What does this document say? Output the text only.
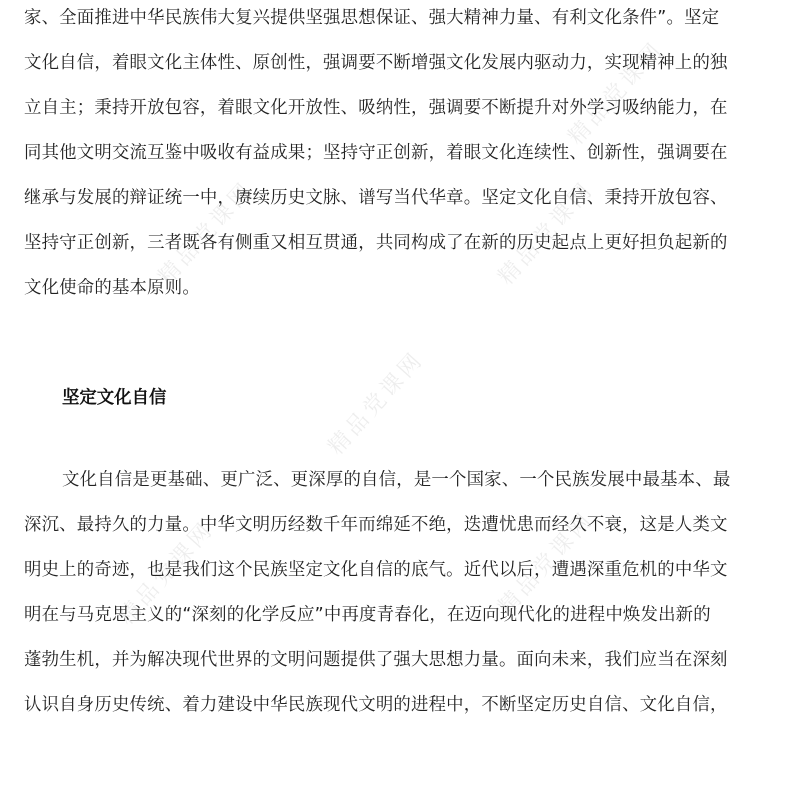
精品党课网	精品党课网
精品党课网
精品党课网	精品党课网
精品党课网
家、全面推进中华民族伟大复兴提供坚强思想保证、强大精神力量、有利文化条件”。坚定
文化自信，着眼文化主体性、原创性，强调要不断增强文化发展内驱动力，实现精神上的独
立自主；秉持开放包容，着眼文化开放性、吸纳性，强调要不断提升对外学习吸纳能力，在
同其他文明交流互鉴中吸收有益成果；坚持守正创新，着眼文化连续性、创新性，强调要在
继承与发展的辩证统一中，赓续历史文脉、谱写当代华章。坚定文化自信、秉持开放包容、
坚持守正创新，三者既各有侧重又相互贯通，共同构成了在新的历史起点上更好担负起新的
文化使命的基本原则。
坚定文化自信
文化自信是更基础、更广泛、更深厚的自信，是一个国家、一个民族发展中最基本、最
深沉、最持久的力量。中华文明历经数千年而绵延不绝，迭遭忧患而经久不衰，这是人类文
明史上的奇迹，也是我们这个民族坚定文化自信的底气。近代以后，遭遇深重危机的中华文
明在与马克思主义的“深刻的化学反应”中再度青春化，在迈向现代化的进程中焕发出新的
蓬勃生机，并为解决现代世界的文明问题提供了强大思想力量。面向未来，我们应当在深刻
认识自身历史传统、着力建设中华民族现代文明的进程中，不断坚定历史自信、文化自信，
